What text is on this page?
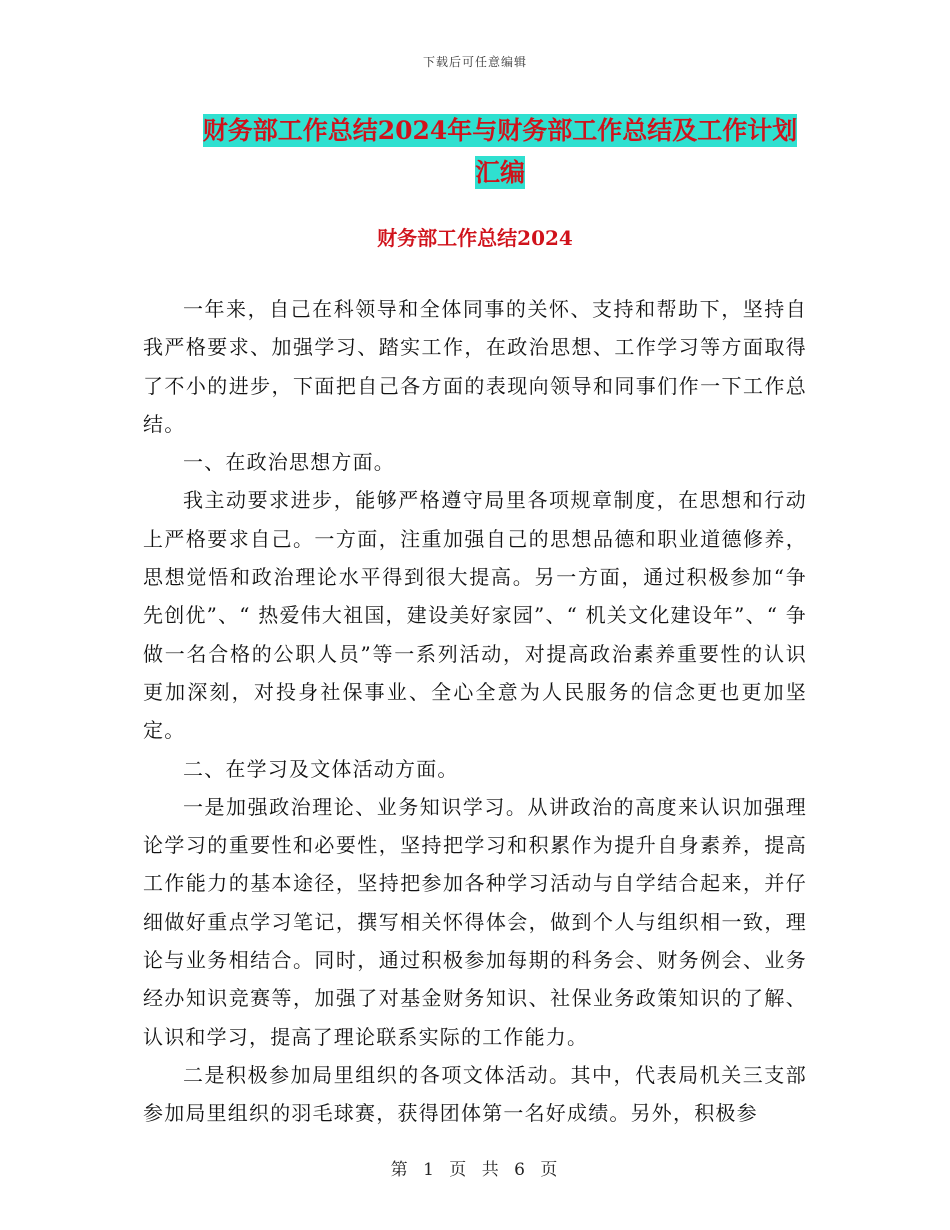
下载后可任意编辑
财务部工作总结2024年与财务部工作总结及工作计划
汇编
财务部工作总结2024

一年来，自己在科领导和全体同事的关怀、支持和帮助下，坚持自我严格要求、加强学习、踏实工作，在政治思想、工作学习等方面取得了不小的进步，下面把自己各方面的表现向领导和同事们作一下工作总结。

一、在政治思想方面。

我主动要求进步，能够严格遵守局里各项规章制度，在思想和行动上严格要求自己。一方面，注重加强自己的思想品德和职业道德修养，思想觉悟和政治理论水平得到很大提高。另一方面，通过积极参加“争先创优”、“ 热爱伟大祖国，建设美好家园”、“ 机关文化建设年”、“ 争做一名合格的公职人员”等一系列活动，对提高政治素养重要性的认识更加深刻，对投身社保事业、全心全意为人民服务的信念更也更加坚定。

二、在学习及文体活动方面。

一是加强政治理论、业务知识学习。从讲政治的高度来认识加强理论学习的重要性和必要性，坚持把学习和积累作为提升自身素养，提高工作能力的基本途径，坚持把参加各种学习活动与自学结合起来，并仔细做好重点学习笔记，撰写相关怀得体会，做到个人与组织相一致，理论与业务相结合。同时，通过积极参加每期的科务会、财务例会、业务经办知识竞赛等，加强了对基金财务知识、社保业务政策知识的了解、认识和学习，提高了理论联系实际的工作能力。

二是积极参加局里组织的各项文体活动。其中，代表局机关三支部参加局里组织的羽毛球赛，获得团体第一名好成绩。另外，积极参

第 1 页 共 6 页
